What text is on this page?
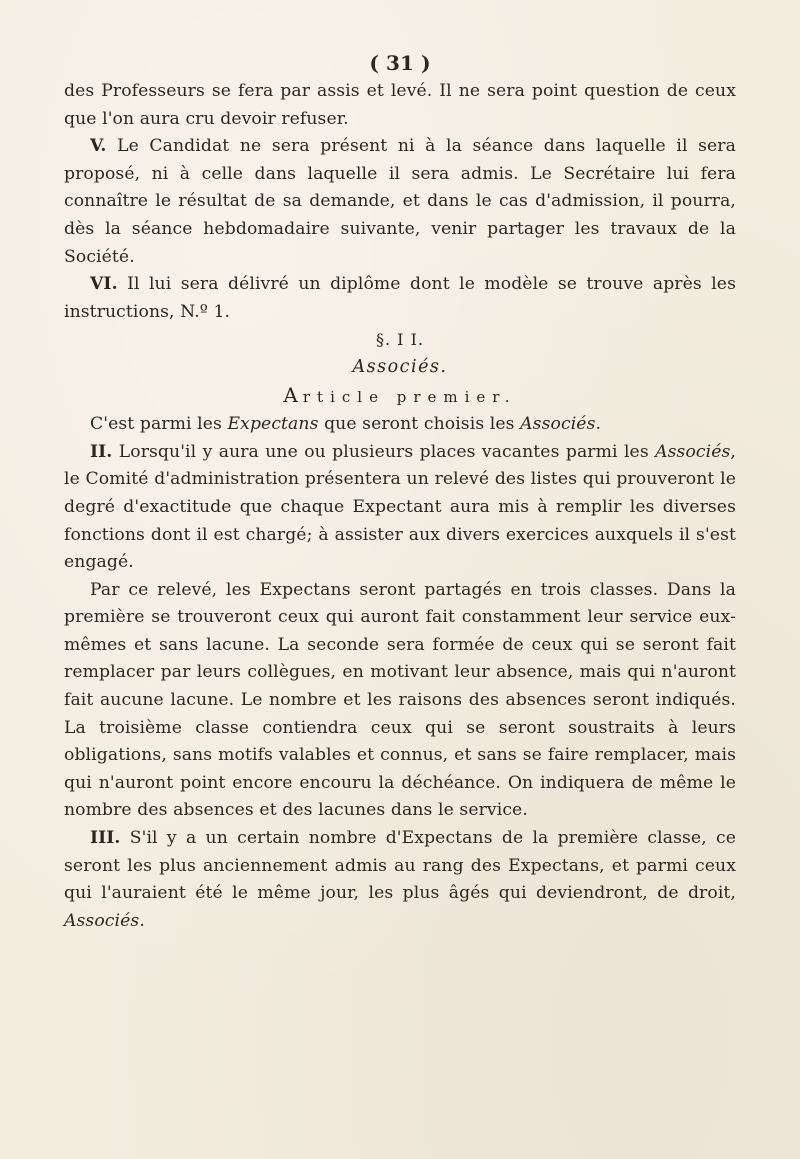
( 31 )

des Professeurs se fera par assis et levé. Il ne sera point question de ceux que l'on aura cru devoir refuser.

V. Le Candidat ne sera présent ni à la séance dans laquelle il sera proposé, ni à celle dans laquelle il sera admis. Le Secrétaire lui fera connaître le résultat de sa demande, et dans le cas d'admission, il pourra, dès la séance hebdomadaire suivante, venir partager les travaux de la Société.

VI. Il lui sera délivré un diplôme dont le modèle se trouve après les instructions, N.º 1.

§. I I.

Associés.

Article premier.

C'est parmi les Expectans que seront choisis les Associés.

II. Lorsqu'il y aura une ou plusieurs places vacantes parmi les Associés, le Comité d'administration présentera un relevé des listes qui prouveront le degré d'exactitude que chaque Expectant aura mis à remplir les diverses fonctions dont il est chargé; à assister aux divers exercices auxquels il s'est engagé.

Par ce relevé, les Expectans seront partagés en trois classes. Dans la première se trouveront ceux qui auront fait constamment leur service eux-mêmes et sans lacune. La seconde sera formée de ceux qui se seront fait remplacer par leurs collègues, en motivant leur absence, mais qui n'auront fait aucune lacune. Le nombre et les raisons des absences seront indiqués. La troisième classe contiendra ceux qui se seront soustraits à leurs obligations, sans motifs valables et connus, et sans se faire remplacer, mais qui n'auront point encore encouru la déchéance. On indiquera de même le nombre des absences et des lacunes dans le service.

III. S'il y a un certain nombre d'Expectans de la première classe, ce seront les plus anciennement admis au rang des Expectans, et parmi ceux qui l'auraient été le même jour, les plus âgés qui deviendront, de droit, Associés.
